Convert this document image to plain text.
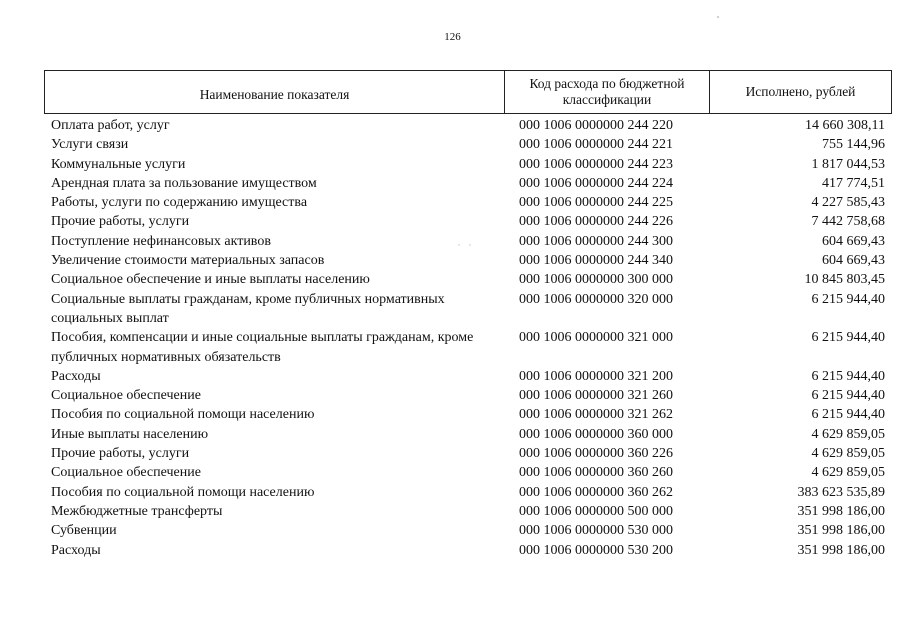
126
Наименование показателя
Код расхода по бюджетной классификации
Исполнено, рублей
Оплата работ, услуг	000 1006 0000000 244 220	14 660 308,11
Услуги связи	000 1006 0000000 244 221	755 144,96
Коммунальные услуги	000 1006 0000000 244 223	1 817 044,53
Арендная плата за пользование имуществом	000 1006 0000000 244 224	417 774,51
Работы, услуги по содержанию имущества	000 1006 0000000 244 225	4 227 585,43
Прочие работы, услуги	000 1006 0000000 244 226	7 442 758,68
Поступление нефинансовых активов	000 1006 0000000 244 300	604 669,43
Увеличение стоимости материальных запасов	000 1006 0000000 244 340	604 669,43
Социальное обеспечение и иные выплаты населению	000 1006 0000000 300 000	10 845 803,45
Социальные выплаты гражданам, кроме публичных нормативных социальных выплат
000 1006 0000000 320 000	6 215 944,40
Пособия, компенсации и иные социальные выплаты гражданам, кроме публичных нормативных обязательств
000 1006 0000000 321 000	6 215 944,40
Расходы	000 1006 0000000 321 200	6 215 944,40
Социальное обеспечение	000 1006 0000000 321 260	6 215 944,40
Пособия по социальной помощи населению	000 1006 0000000 321 262	6 215 944,40
Иные выплаты населению	000 1006 0000000 360 000	4 629 859,05
Прочие работы, услуги	000 1006 0000000 360 226	4 629 859,05
Социальное обеспечение	000 1006 0000000 360 260	4 629 859,05
Пособия по социальной помощи населению	000 1006 0000000 360 262	383 623 535,89
Межбюджетные трансферты	000 1006 0000000 500 000	351 998 186,00
Субвенции	000 1006 0000000 530 000	351 998 186,00
Расходы	000 1006 0000000 530 200	351 998 186,00
